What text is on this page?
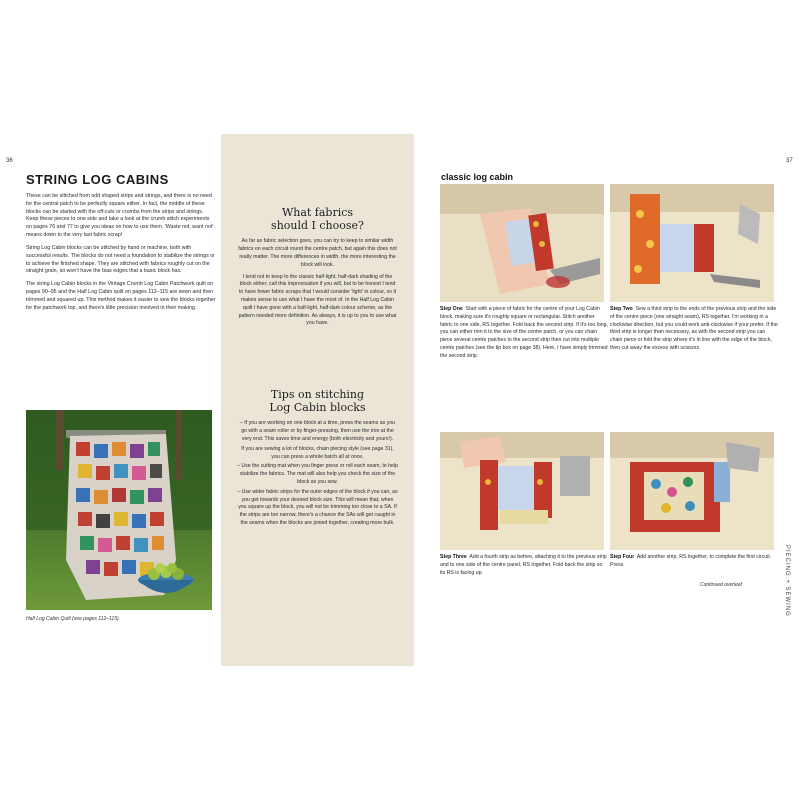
36	37
STRING LOG CABINS

These can be stitched from odd shaped strips and strings, and there is no need for the central patch to be perfectly square either. In fact, the middle of these blocks can be started with the off-cuts or crumbs from the strips and strings. Keep these pieces to one side and take a look at the crumb stitch experiments on pages 76 and 77 to give you ideas on how to use them. 'Waste not, want not' means down to the very last fabric scrap!

String Log Cabin blocks can be stitched by hand or machine, both with successful results. The blocks do not need a foundation to stabilize the strings or to achieve the finished shape. They are stitched with fabrics roughly cut on the straight grain, so won't have the bias edges that a basic block has.

The string Log Cabin blocks in the Vintage Crumb Log Cabin Patchwork quilt on pages 90–95 and the Half Log Cabin quilt on pages 112–115 are sewn and then trimmed and squared up. This method makes it easier to sew the blocks together for the patchwork top, and there's little precision involved in their making.

Half Log Cabin Quilt (see pages 112–115).
What fabrics
should I choose?

As far as fabric selection goes, you can try to keep to similar width fabrics on each circuit round the centre patch, but again this does not really matter. The more differences in width, the more interesting the block will look.

I tend not to keep to the classic half-light, half-dark shading of the block either; call this improvisation if you will, but to be honest I tend to have fewer fabric scraps that I would consider 'light' in colour, so it makes sense to use what I have the most of. In the Half Log Cabin quilt I have gone with a half-light, half-dark colour scheme, as the pattern needed more definition. As always, it is up to you to use what you have.

Tips on stitching
Log Cabin blocks
– If you are working on one block at a time, press the seams as you go with a seam roller or by finger-pressing, then use the iron at the very end. This saves time and energy (both electricity and yours!).
If you are sewing a lot of blocks, chain piecing style (see page 31), you can press a whole batch all at once.
– Use the cutting mat when you finger press or roll each seam, to help stabilize the fabrics. The mat will also help you check the size of the block as you sew.
– Use wider fabric strips for the outer edges of the block if you can, as you get towards your desired block size. This will mean that, when you square up the block, you will not be trimming too close to a SA. If the strips are too narrow, there's a chance the SAs will get caught in the seams when the blocks are joined together, creating more bulk.
classic log cabin

Step One Start with a piece of fabric for the centre of your Log Cabin block, making sure it's roughly square or rectangular. Stitch another fabric to one side, RS together. Fold back the second strip. If it's too long, you can either trim it to the size of the centre patch, or you can chain piece several centre patches to the second strip then cut into multiple centre patches (see the tip box on page 38). Here, I have simply trimmed the second strip.

Step Two Sew a third strip to the ends of the previous strip and the side of the centre piece (one straight seam), RS together. I'm working in a clockwise direction, but you could work anti-clockwise if your prefer. If the third strip is longer than necessary, as with the second strip you can chain piece or fold the strip where it's in line with the edge of the block, then cut away the excess with scissors.

Step Three Add a fourth strip as before, attaching it to the previous strip and to one side of the centre panel, RS together. Fold back the strip so its RS is facing up.

Step Four Add another strip, RS together, to complete the first circuit. Press.

Continued overleaf	PIECING + SEWING
